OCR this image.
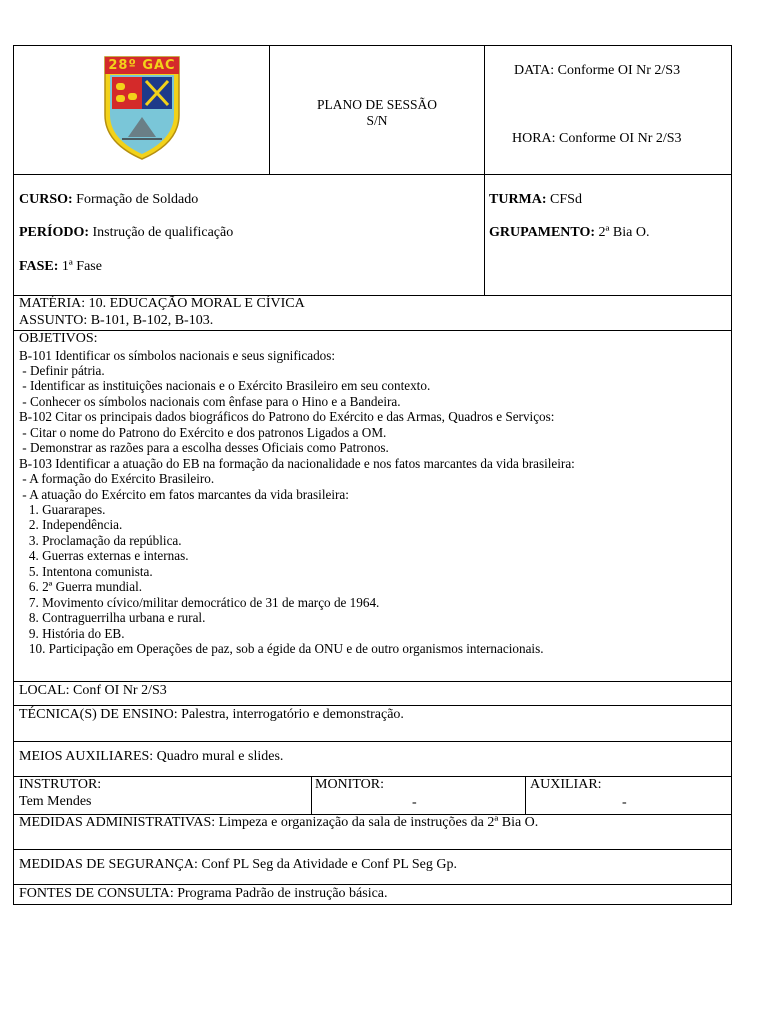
28º GAC
PLANO DE SESSÃO
S/N
DATA: Conforme OI Nr 2/S3
HORA: Conforme OI Nr 2/S3
CURSO: Formação de Soldado
PERÍODO: Instrução de qualificação
FASE: 1ª Fase
TURMA: CFSd
GRUPAMENTO: 2ª Bia O.
MATÉRIA: 10. EDUCAÇÃO MORAL E CÍVICA
ASSUNTO: B-101, B-102, B-103.
OBJETIVOS:
B-101 Identificar os símbolos nacionais e seus significados:
- Definir pátria.
- Identificar as instituições nacionais e o Exército Brasileiro em seu contexto.
- Conhecer os símbolos nacionais com ênfase para o Hino e a Bandeira.
B-102 Citar os principais dados biográficos do Patrono do Exército e das Armas, Quadros e Serviços:
- Citar o nome do Patrono do Exército e dos patronos Ligados a OM.
- Demonstrar as razões para a escolha desses Oficiais como Patronos.
B-103 Identificar a atuação do EB na formação da nacionalidade e nos fatos marcantes da vida brasileira:
- A formação do Exército Brasileiro.
- A atuação do Exército em fatos marcantes da vida brasileira:
1. Guararapes.
2. Independência.
3. Proclamação da república.
4. Guerras externas e internas.
5. Intentona comunista.
6. 2ª Guerra mundial.
7. Movimento cívico/militar democrático de 31 de março de 1964.
8. Contraguerrilha urbana e rural.
9. História do EB.
10. Participação em Operações de paz, sob a égide da ONU e de outro organismos internacionais.
LOCAL: Conf OI Nr 2/S3
TÉCNICA(S) DE ENSINO: Palestra, interrogatório e demonstração.
MEIOS AUXILIARES: Quadro mural e slides.
INSTRUTOR:
Tem Mendes
MONITOR:
-
AUXILIAR:
-
MEDIDAS ADMINISTRATIVAS: Limpeza e organização da sala de instruções da 2ª Bia O.
MEDIDAS DE SEGURANÇA: Conf PL Seg da Atividade e Conf PL Seg Gp.
FONTES DE CONSULTA: Programa Padrão de instrução básica.
